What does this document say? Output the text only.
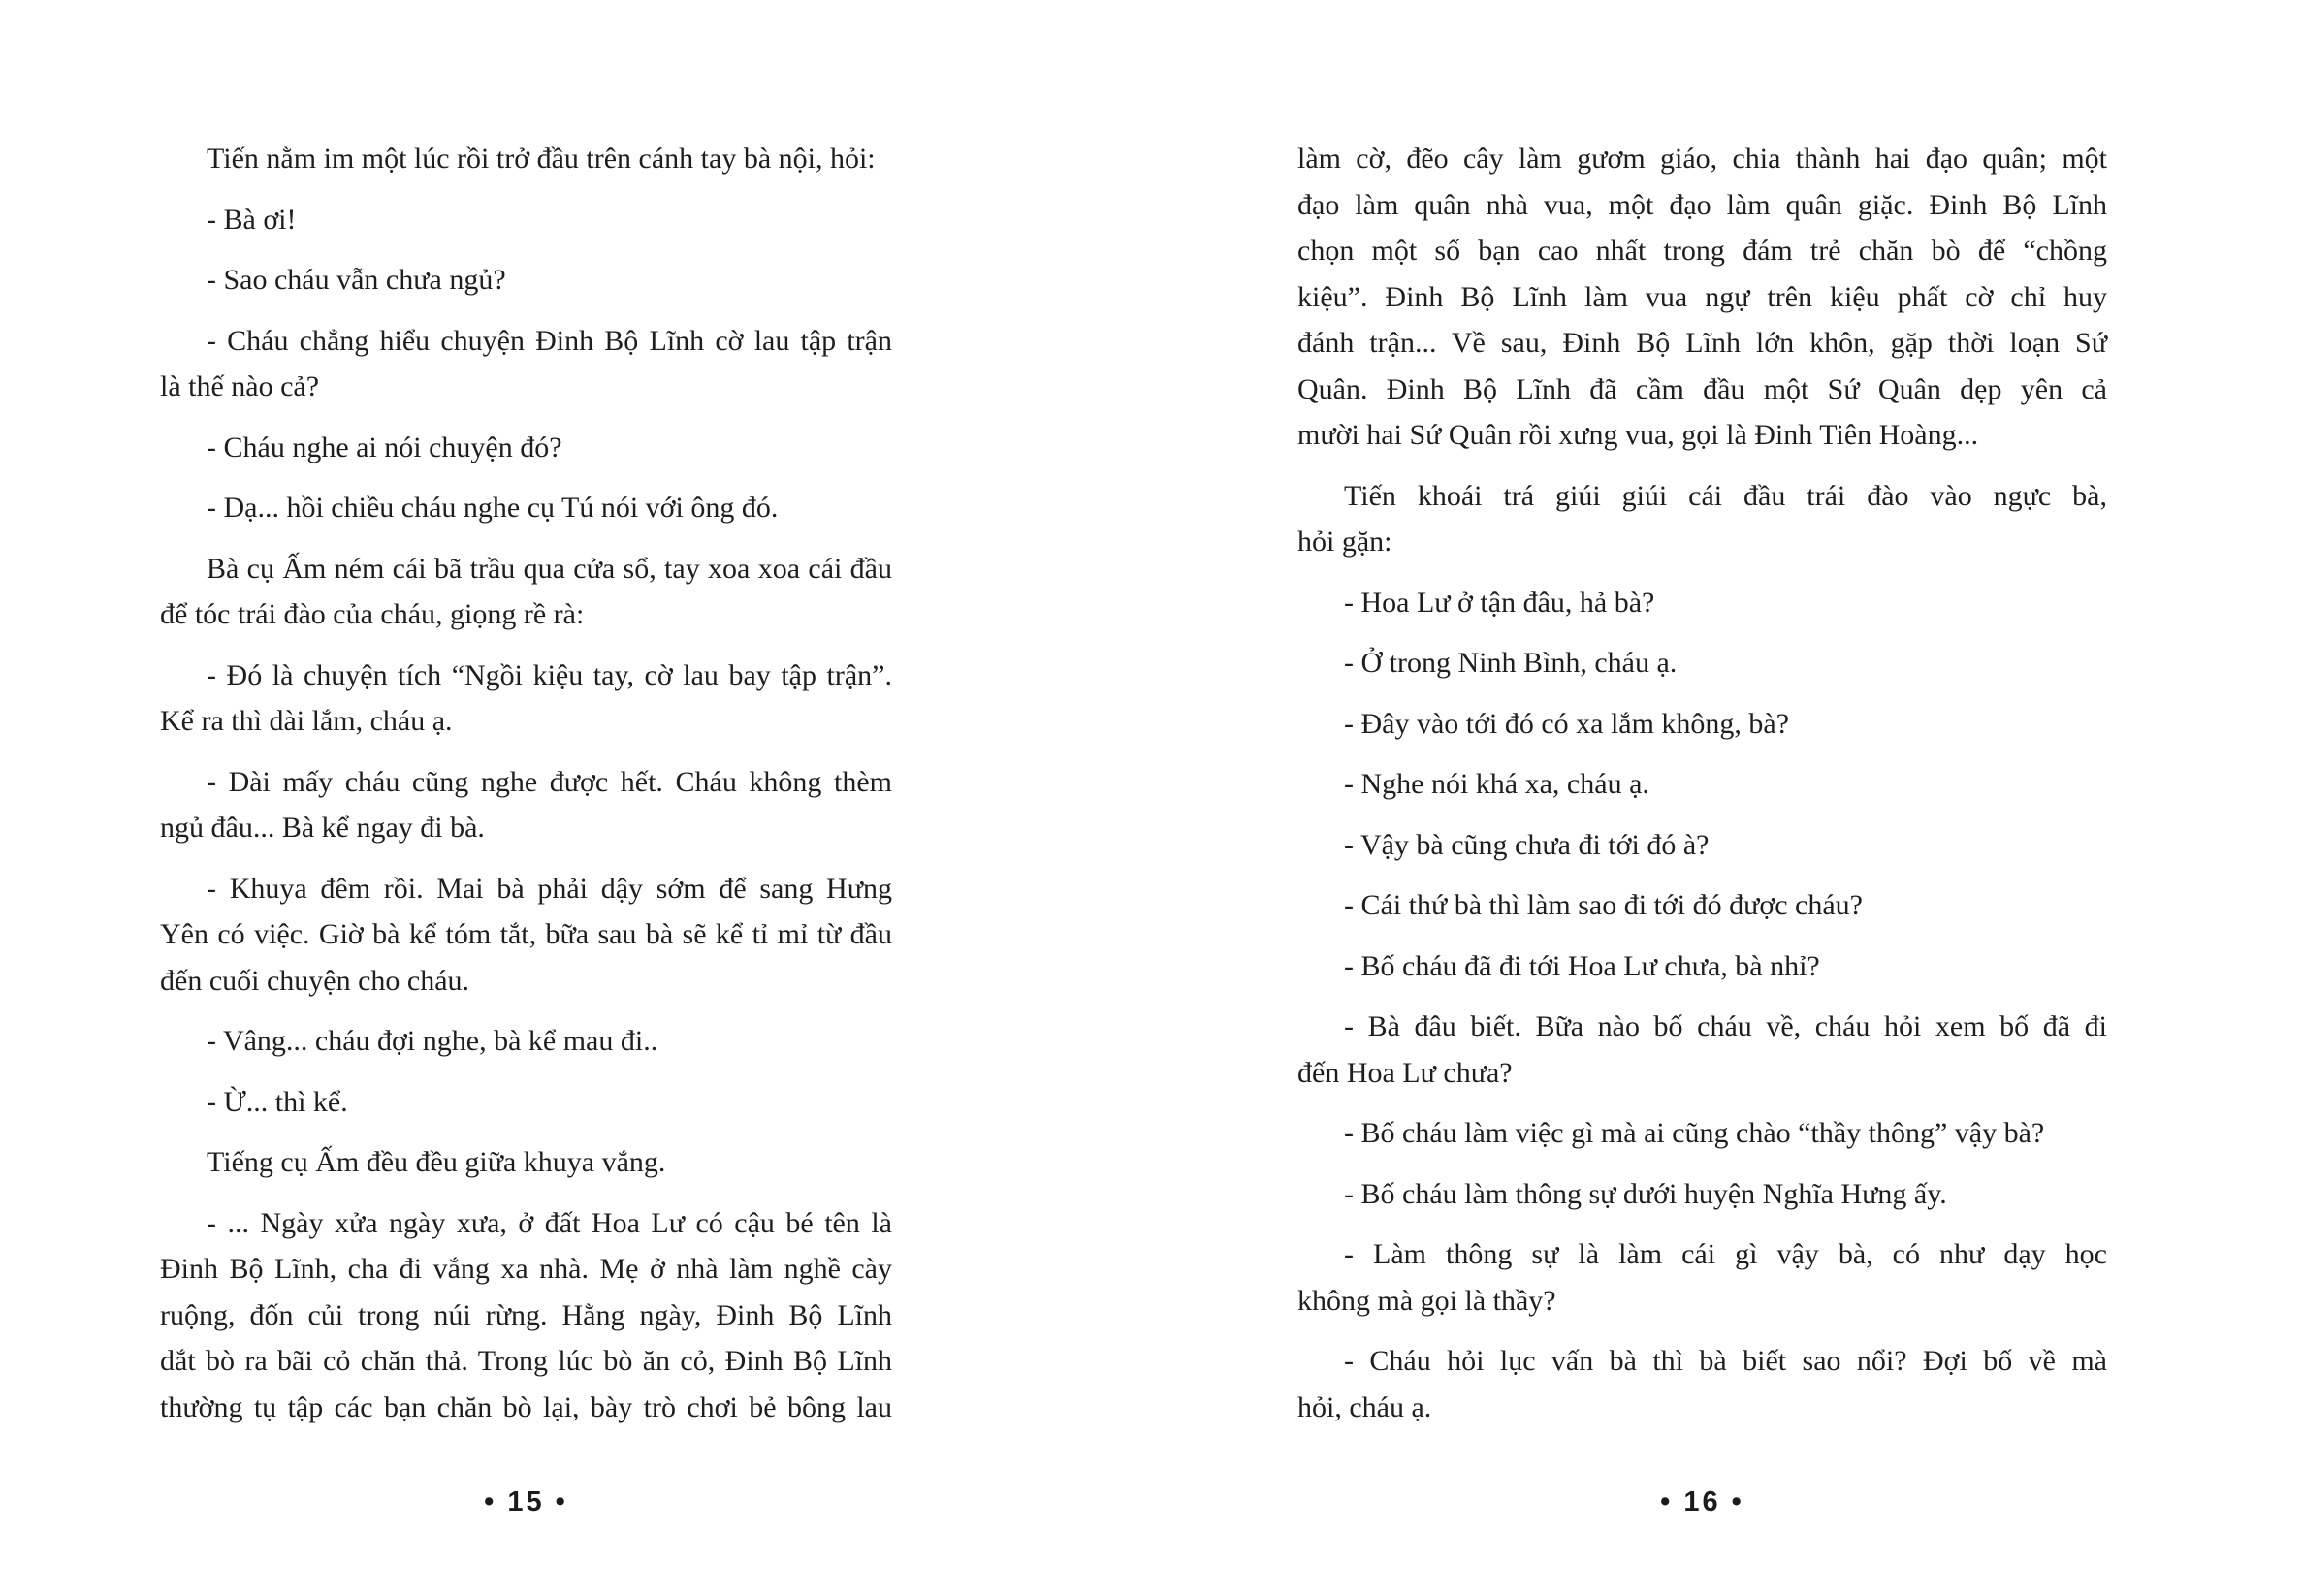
Tiến nằm im một lúc rồi trở đầu trên cánh tay bà nội, hỏi:
- Bà ơi!
- Sao cháu vẫn chưa ngủ?
- Cháu chẳng hiểu chuyện Đinh Bộ Lĩnh cờ lau tập trận
là thế nào cả?
- Cháu nghe ai nói chuyện đó?
- Dạ... hồi chiều cháu nghe cụ Tú nói với ông đó.
Bà cụ Ấm ném cái bã trầu qua cửa sổ, tay xoa xoa cái đầu
để tóc trái đào của cháu, giọng rề rà:
- Đó là chuyện tích “Ngồi kiệu tay, cờ lau bay tập trận”.
Kể ra thì dài lắm, cháu ạ.
- Dài mấy cháu cũng nghe được hết. Cháu không thèm
ngủ đâu... Bà kể ngay đi bà.
- Khuya đêm rồi. Mai bà phải dậy sớm để sang Hưng
Yên có việc. Giờ bà kể tóm tắt, bữa sau bà sẽ kể tỉ mỉ từ đầu
đến cuối chuyện cho cháu.
- Vâng... cháu đợi nghe, bà kể mau đi..
- Ừ... thì kể.
Tiếng cụ Ấm đều đều giữa khuya vắng.
- ... Ngày xửa ngày xưa, ở đất Hoa Lư có cậu bé tên là
Đinh Bộ Lĩnh, cha đi vắng xa nhà. Mẹ ở nhà làm nghề cày
ruộng, đốn củi trong núi rừng. Hằng ngày, Đinh Bộ Lĩnh
dắt bò ra bãi cỏ chăn thả. Trong lúc bò ăn cỏ, Đinh Bộ Lĩnh
thường tụ tập các bạn chăn bò lại, bày trò chơi bẻ bông lau
• 15 •
làm cờ, đẽo cây làm gươm giáo, chia thành hai đạo quân; một
đạo làm quân nhà vua, một đạo làm quân giặc. Đinh Bộ Lĩnh
chọn một số bạn cao nhất trong đám trẻ chăn bò để “chồng
kiệu”. Đinh Bộ Lĩnh làm vua ngự trên kiệu phất cờ chỉ huy
đánh trận... Về sau, Đinh Bộ Lĩnh lớn khôn, gặp thời loạn Sứ
Quân. Đinh Bộ Lĩnh đã cầm đầu một Sứ Quân dẹp yên cả
mười hai Sứ Quân rồi xưng vua, gọi là Đinh Tiên Hoàng...
Tiến khoái trá giúi giúi cái đầu trái đào vào ngực bà,
hỏi gặn:
- Hoa Lư ở tận đâu, hả bà?
- Ở trong Ninh Bình, cháu ạ.
- Đây vào tới đó có xa lắm không, bà?
- Nghe nói khá xa, cháu ạ.
- Vậy bà cũng chưa đi tới đó à?
- Cái thứ bà thì làm sao đi tới đó được cháu?
- Bố cháu đã đi tới Hoa Lư chưa, bà nhỉ?
- Bà đâu biết. Bữa nào bố cháu về, cháu hỏi xem bố đã đi
đến Hoa Lư chưa?
- Bố cháu làm việc gì mà ai cũng chào “thầy thông” vậy bà?
- Bố cháu làm thông sự dưới huyện Nghĩa Hưng ấy.
- Làm thông sự là làm cái gì vậy bà, có như dạy học
không mà gọi là thầy?
- Cháu hỏi lục vấn bà thì bà biết sao nổi? Đợi bố về mà
hỏi, cháu ạ.
• 16 •
